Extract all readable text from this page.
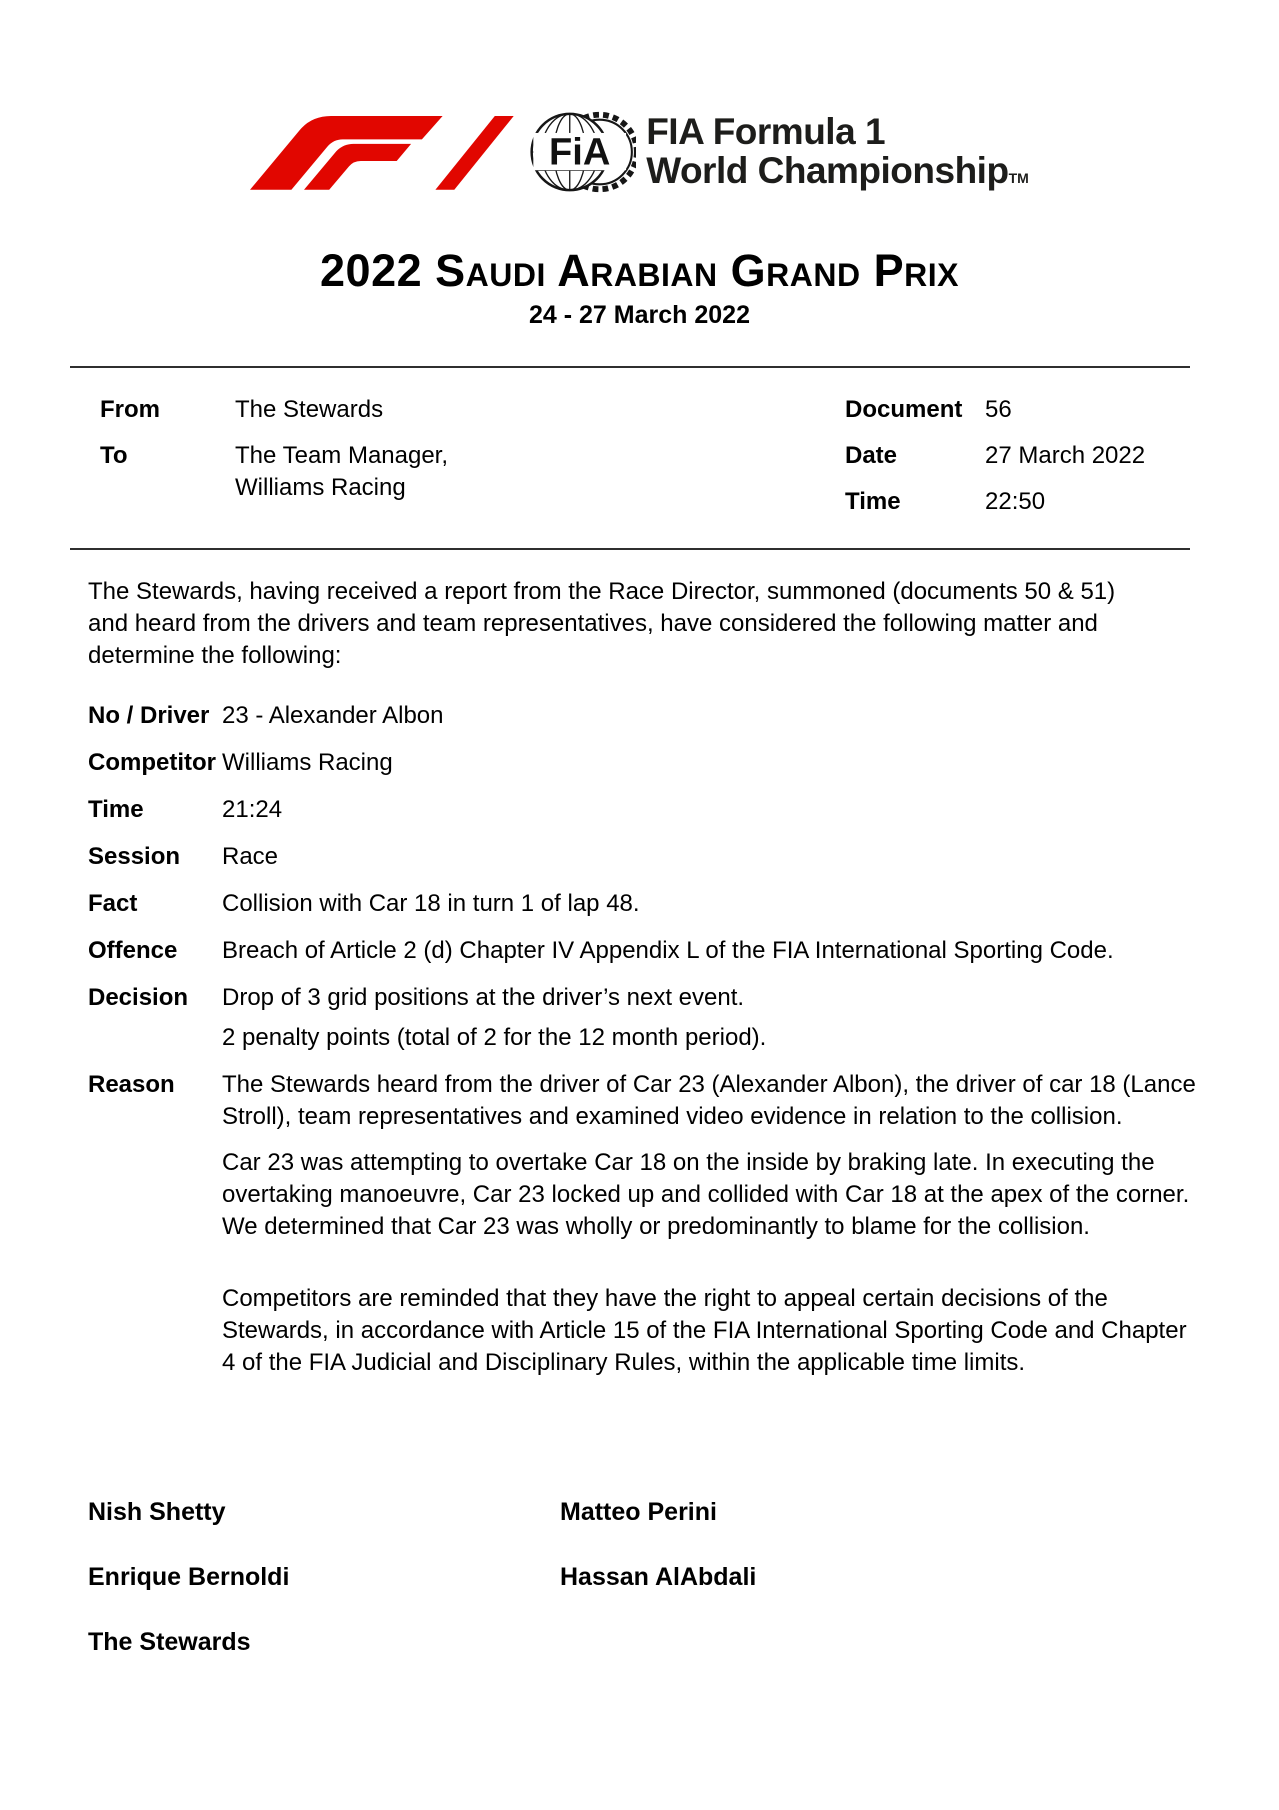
FiA FIA Formula 1
World ChampionshipTM
2022 Saudi Arabian Grand Prix
24 - 27 March 2022
From	The Stewards

To	The Team Manager,

Williams Racing

Document 56

Date	27 March 2022

Time	22:50

The Stewards, having received a report from the Race Director, summoned (documents 50 & 51) and heard from the drivers and team representatives, have considered the following matter and determine the following:

No / Driver 23 - Alexander Albon

Competitor Williams Racing

Time	21:24

Session	Race

Fact	Collision with Car 18 in turn 1 of lap 48.

Offence	Breach of Article 2 (d) Chapter IV Appendix L of the FIA International Sporting Code.

Decision	Drop of 3 grid positions at the driver’s next event.

2 penalty points (total of 2 for the 12 month period).

Reason	The Stewards heard from the driver of Car 23 (Alexander Albon), the driver of car 18 (Lance Stroll), team representatives and examined video evidence in relation to the collision.

Car 23 was attempting to overtake Car 18 on the inside by braking late. In executing the overtaking manoeuvre, Car 23 locked up and collided with Car 18 at the apex of the corner. We determined that Car 23 was wholly or predominantly to blame for the collision.

Competitors are reminded that they have the right to appeal certain decisions of the Stewards, in accordance with Article 15 of the FIA International Sporting Code and Chapter 4 of the FIA Judicial and Disciplinary Rules, within the applicable time limits.

Nish Shetty	Matteo Perini
Enrique Bernoldi	Hassan AlAbdali
The Stewards
